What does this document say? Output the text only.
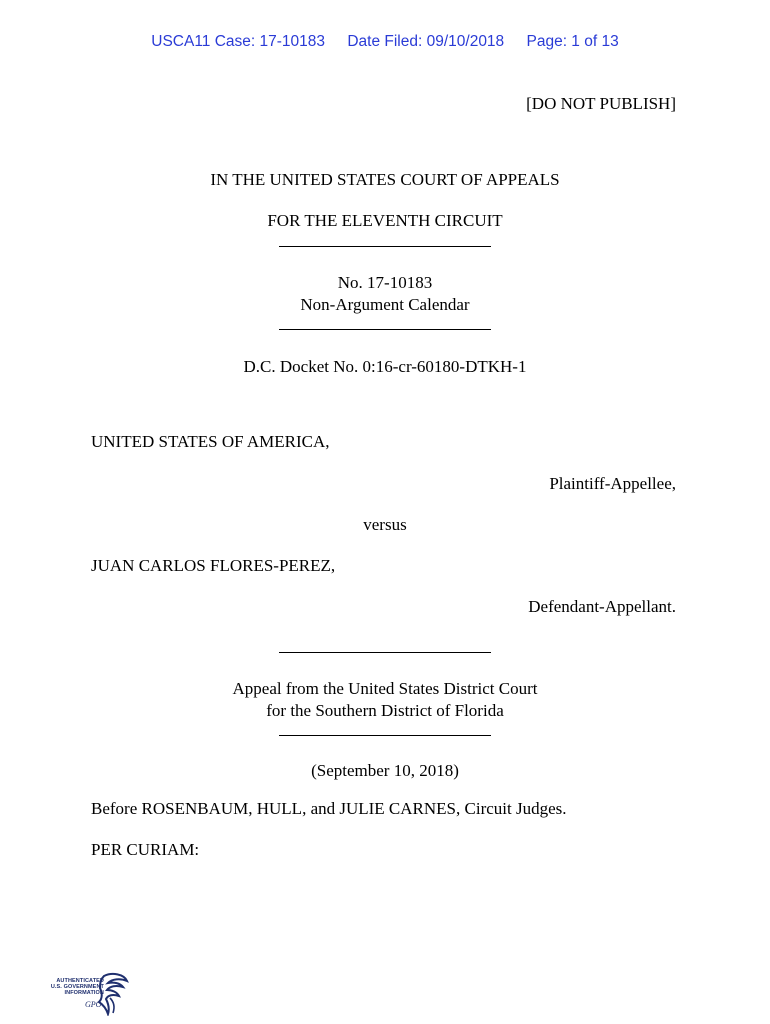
USCA11 Case: 17-10183 Date Filed: 09/10/2018 Page: 1 of 13
[DO NOT PUBLISH]
IN THE UNITED STATES COURT OF APPEALS
FOR THE ELEVENTH CIRCUIT
No. 17-10183
Non-Argument Calendar
D.C. Docket No. 0:16-cr-60180-DTKH-1
UNITED STATES OF AMERICA,
Plaintiff-Appellee,
versus
JUAN CARLOS FLORES-PEREZ,
Defendant-Appellant.
Appeal from the United States District Court
for the Southern District of Florida
(September 10, 2018)
Before ROSENBAUM, HULL, and JULIE CARNES, Circuit Judges.
PER CURIAM:
AUTHENTICATED
U.S. GOVERNMENT
INFORMATION
GPO
